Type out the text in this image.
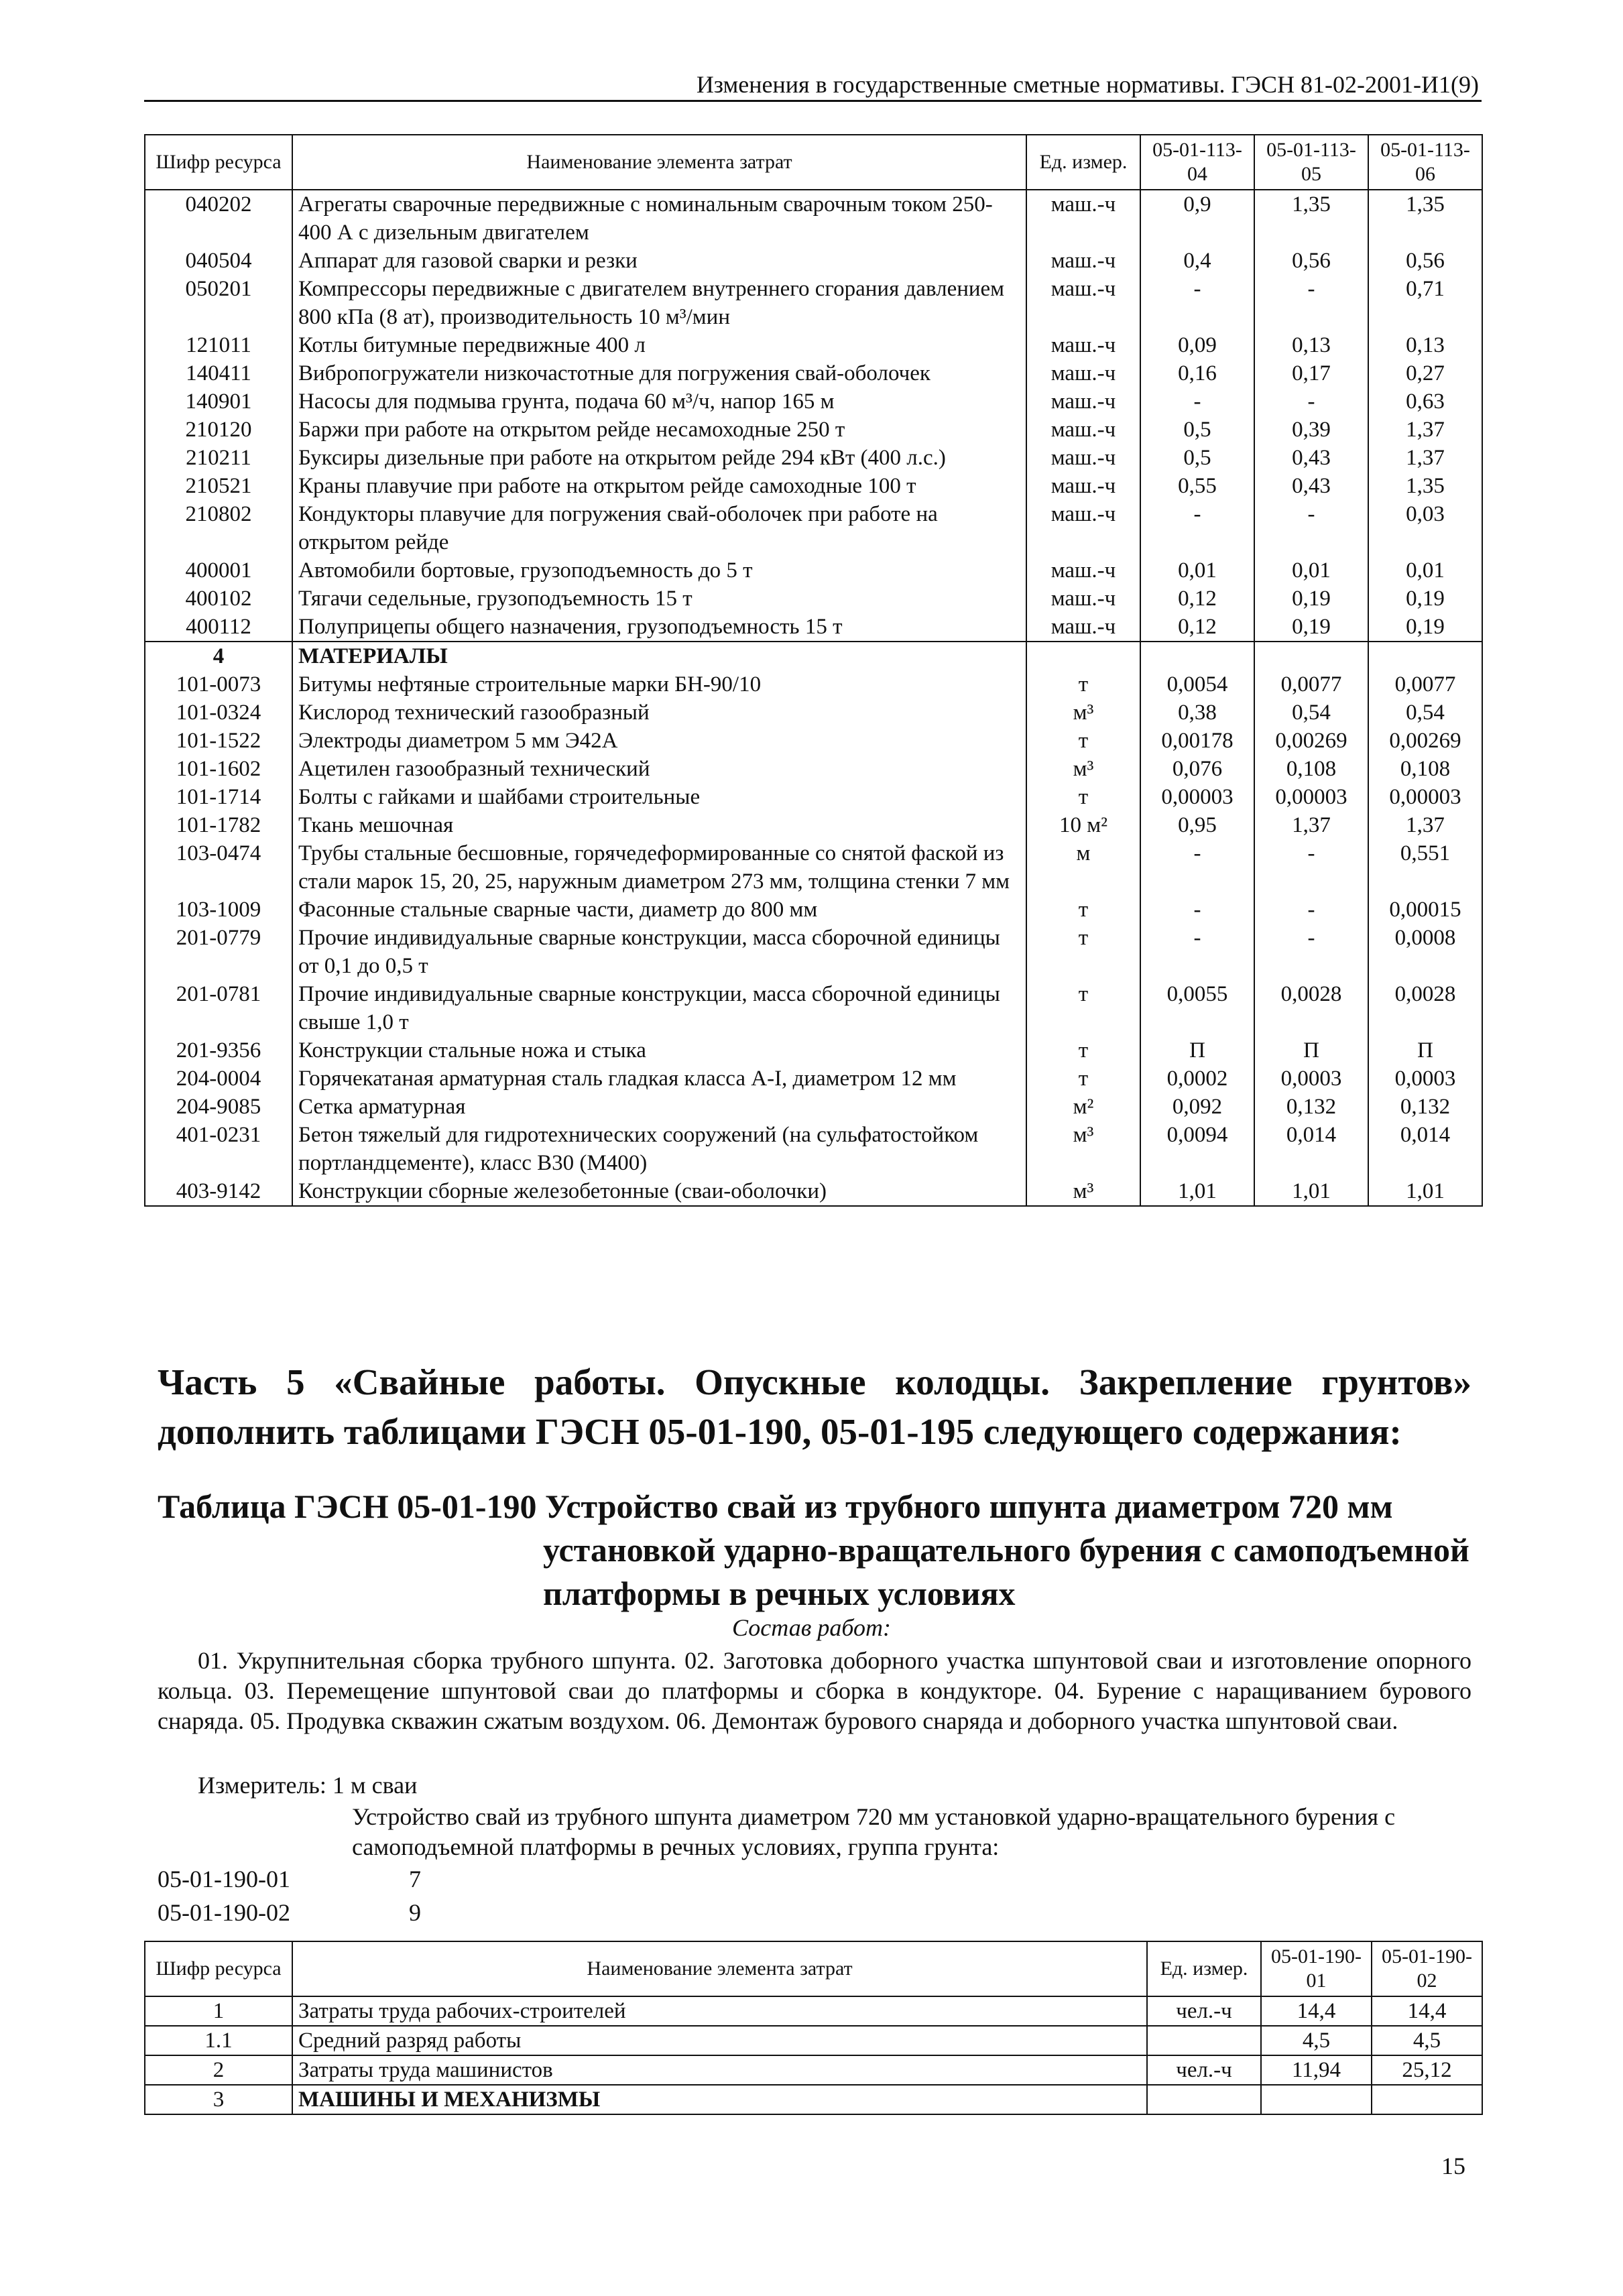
Изменения в государственные сметные нормативы. ГЭСН 81-02-2001-И1(9)
Шифр ресурса	Наименование элемента затрат	Ед. измер.	05-01-113-04	05-01-113-05	05-01-113-06
040202	Агрегаты сварочные передвижные с номинальным сварочным током 250-400 А с дизельным двигателем	маш.-ч	0,9	1,35	1,35
040504	Аппарат для газовой сварки и резки	маш.-ч	0,4	0,56	0,56
050201	Компрессоры передвижные с двигателем внутреннего сгорания давлением 800 кПа (8 ат), производительность 10 м³/мин	маш.-ч	-	-	0,71
121011	Котлы битумные передвижные 400 л	маш.-ч	0,09	0,13	0,13
140411	Вибропогружатели низкочастотные для погружения свай-оболочек	маш.-ч	0,16	0,17	0,27
140901	Насосы для подмыва грунта, подача 60 м³/ч, напор 165 м	маш.-ч	-	-	0,63
210120	Баржи при работе на открытом рейде несамоходные 250 т	маш.-ч	0,5	0,39	1,37
210211	Буксиры дизельные при работе на открытом рейде 294 кВт (400 л.с.)	маш.-ч	0,5	0,43	1,37
210521	Краны плавучие при работе на открытом рейде самоходные 100 т	маш.-ч	0,55	0,43	1,35
210802	Кондукторы плавучие для погружения свай-оболочек при работе на открытом рейде	маш.-ч	-	-	0,03
400001	Автомобили бортовые, грузоподъемность до 5 т	маш.-ч	0,01	0,01	0,01
400102	Тягачи седельные, грузоподъемность 15 т	маш.-ч	0,12	0,19	0,19
400112	Полуприцепы общего назначения, грузоподъемность 15 т	маш.-ч	0,12	0,19	0,19
4	МАТЕРИАЛЫ				
101-0073	Битумы нефтяные строительные марки БН-90/10	т	0,0054	0,0077	0,0077
101-0324	Кислород технический газообразный	м³	0,38	0,54	0,54
101-1522	Электроды диаметром 5 мм Э42А	т	0,00178	0,00269	0,00269
101-1602	Ацетилен газообразный технический	м³	0,076	0,108	0,108
101-1714	Болты с гайками и шайбами строительные	т	0,00003	0,00003	0,00003
101-1782	Ткань мешочная	10 м²	0,95	1,37	1,37
103-0474	Трубы стальные бесшовные, горячедеформированные со снятой фаской из стали марок 15, 20, 25, наружным диаметром 273 мм, толщина стенки 7 мм	м	-	-	0,551
103-1009	Фасонные стальные сварные части, диаметр до 800 мм	т	-	-	0,00015
201-0779	Прочие индивидуальные сварные конструкции, масса сборочной единицы от 0,1 до 0,5 т	т	-	-	0,0008
201-0781	Прочие индивидуальные сварные конструкции, масса сборочной единицы свыше 1,0 т	т	0,0055	0,0028	0,0028
201-9356	Конструкции стальные ножа и стыка	т	П	П	П
204-0004	Горячекатаная арматурная сталь гладкая класса А-I, диаметром 12 мм	т	0,0002	0,0003	0,0003
204-9085	Сетка арматурная	м²	0,092	0,132	0,132
401-0231	Бетон тяжелый для гидротехнических сооружений (на сульфатостойком портландцементе), класс В30 (М400)	м³	0,0094	0,014	0,014
403-9142	Конструкции сборные железобетонные (сваи-оболочки)	м³	1,01	1,01	1,01
Часть 5 «Свайные работы. Опускные колодцы. Закрепление грунтов» дополнить таблицами ГЭСН 05-01-190, 05-01-195 следующего содержания:
Таблица ГЭСН 05-01-190 Устройство свай из трубного шпунта диаметром 720 мм
установкой ударно-вращательного бурения с самоподъемной платформы в речных условиях
Состав работ:
01. Укрупнительная сборка трубного шпунта. 02. Заготовка доборного участка шпунтовой сваи и изготовление опорного кольца. 03. Перемещение шпунтовой сваи до платформы и сборка в кондукторе. 04. Бурение с наращиванием бурового снаряда. 05. Продувка скважин сжатым воздухом. 06. Демонтаж бурового снаряда и доборного участка шпунтовой сваи.
Измеритель: 1 м сваи
Устройство свай из трубного шпунта диаметром 720 мм установкой ударно-вращательного бурения с самоподъемной платформы в речных условиях, группа грунта:
05-01-190-01	7
05-01-190-02	9
Шифр ресурса	Наименование элемента затрат	Ед. измер.	05-01-190-01	05-01-190-02
1	Затраты труда рабочих-строителей	чел.-ч	14,4	14,4
1.1	Средний разряд работы		4,5	4,5
2	Затраты труда машинистов	чел.-ч	11,94	25,12
3	МАШИНЫ И МЕХАНИЗМЫ			
15
